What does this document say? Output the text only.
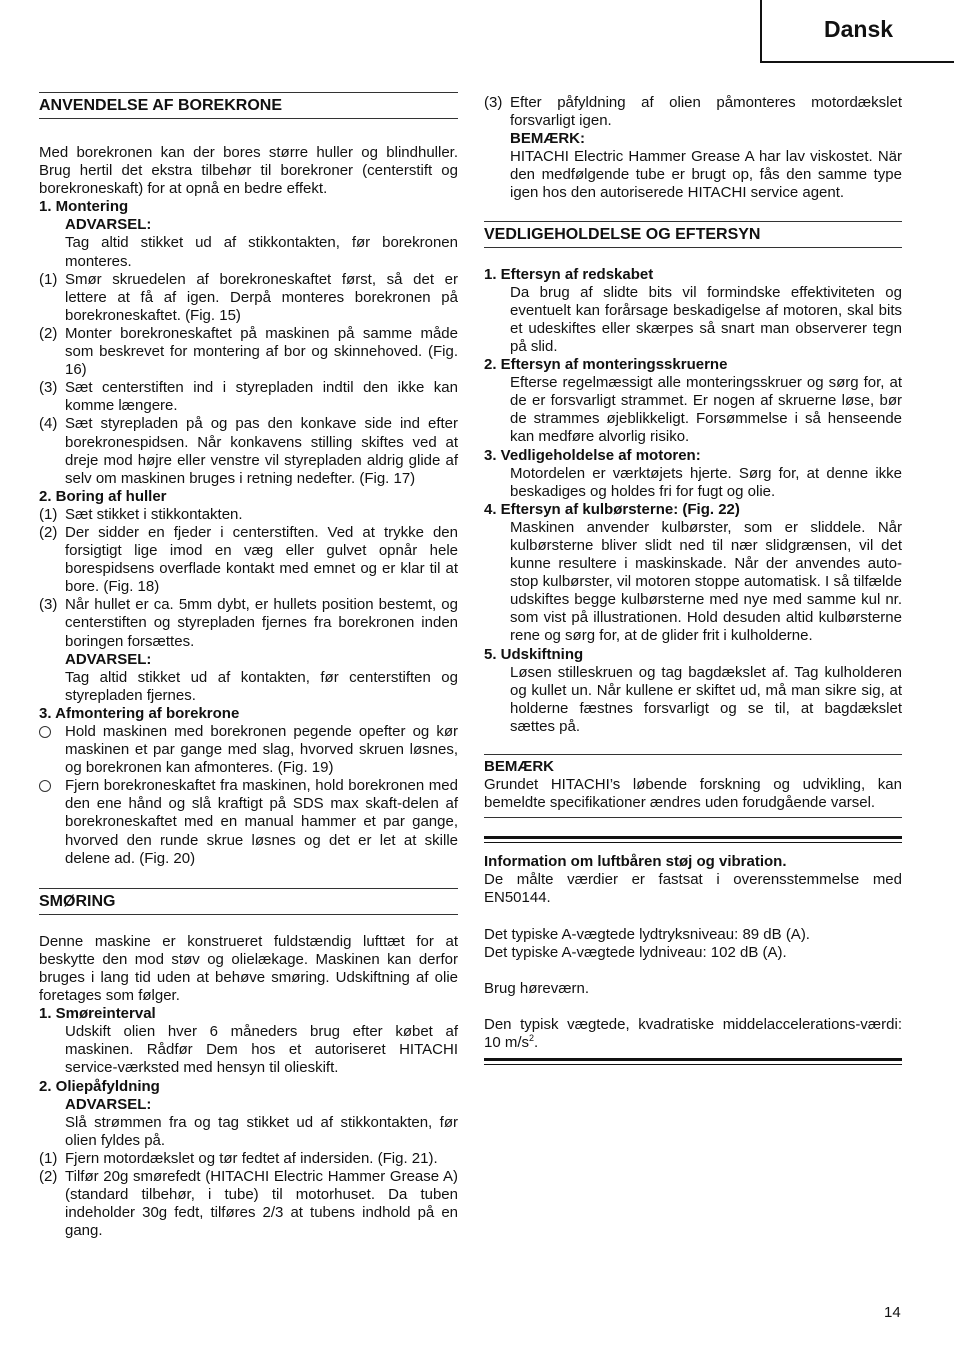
Dansk
ANVENDELSE AF BOREKRONE

Med borekronen kan der bores større huller og blindhuller. Brug hertil det ekstra tilbehør til borekroner (centerstift og borekroneskaft) for at opnå en bedre effekt.

1. Montering
ADVARSEL:
Tag altid stikket ud af stikkontakten, før borekronen monteres.
(1) Smør skruedelen af borekroneskaftet først, så det er lettere at få af igen. Derpå monteres borekronen på borekroneskaftet. (Fig. 15)
(2) Monter borekroneskaftet på maskinen på samme måde som beskrevet for montering af bor og skinnehoved. (Fig. 16)
(3) Sæt centerstiften ind i styrepladen indtil den ikke kan komme længere.
(4) Sæt styrepladen på og pas den konkave side ind efter borekronespidsen. Når konkavens stilling skiftes ved at dreje mod højre eller venstre vil styrepladen aldrig glide af selv om maskinen bruges i retning nedefter. (Fig. 17)
2. Boring af huller
(1) Sæt stikket i stikkontakten.
(2) Der sidder en fjeder i centerstiften. Ved at trykke den forsigtigt lige imod en væg eller gulvet opnår hele borespidsens overflade kontakt med emnet og er klar til at bore. (Fig. 18)
(3) Når hullet er ca. 5mm dybt, er hullets position bestemt, og centerstiften og styrepladen fjernes fra borekronen inden boringen forsættes.
ADVARSEL:
Tag altid stikket ud af kontakten, før centerstiften og styrepladen fjernes.
3. Afmontering af borekrone
Hold maskinen med borekronen pegende opefter og kør maskinen et par gange med slag, hvorved skruen løsnes, og borekronen kan afmonteres. (Fig. 19)
Fjern borekroneskaftet fra maskinen, hold borekronen med den ene hånd og slå kraftigt på SDS max skaft-delen af borekroneskaftet med en manual hammer et par gange, hvorved den runde skrue løsnes og det er let at skille delene ad. (Fig. 20)
SMØRING

Denne maskine er konstrueret fuldstændig lufttæt for at beskytte den mod støv og olielækage. Maskinen kan derfor bruges i lang tid uden at behøve smøring. Udskiftning af olie foretages som følger.

1. Smøreinterval
Udskift olien hver 6 måneders brug efter købet af maskinen. Rådfør Dem hos et autoriseret HITACHI service-værksted med hensyn til olieskift.
2. Oliepåfyldning
ADVARSEL:
Slå strømmen fra og tag stikket ud af stikkontakten, før olien fyldes på.
(1) Fjern motordækslet og tør fedtet af indersiden. (Fig. 21).
(2) Tilfør 20g smørefedt (HITACHI Electric Hammer Grease A) (standard tilbehør, i tube) til motorhuset. Da tuben indeholder 30g fedt, tilføres 2/3 at tubens indhold på en gang.
(3) Efter påfyldning af olien påmonteres motordækslet forsvarligt igen.
BEMÆRK:
HITACHI Electric Hammer Grease A har lav viskostet. När den medfølgende tube er brugt op, fås den samme type igen hos den autoriserede HITACHI service agent.
VEDLIGEHOLDELSE OG EFTERSYN
1. Eftersyn af redskabet
Da brug af slidte bits vil formindske effektiviteten og eventuelt kan forårsage beskadigelse af motoren, skal bits et udeskiftes eller skærpes så snart man observerer tegn på slid.
2. Eftersyn af monteringsskruerne
Efterse regelmæssigt alle monteringsskruer og sørg for, at de er forsvarligt strammet. Er nogen af skruerne løse, bør de strammes øjeblikkeligt. Forsømmelse i så henseende kan medføre alvorlig risiko.
3. Vedligeholdelse af motoren:
Motordelen er værktøjets hjerte. Sørg for, at denne ikke beskadiges og holdes fri for fugt og olie.
4. Eftersyn af kulbørsterne: (Fig. 22)
Maskinen anvender kulbørster, som er sliddele. Når kulbørsterne bliver slidt ned til nær slidgrænsen, vil det kunne resultere i maskinskade. Når der anvendes auto-stop kulbørster, vil motoren stoppe automatisk. I så tilfælde udskiftes begge kulbørsterne med nye med samme kul nr. som vist på illustrationen. Hold desuden altid kulbørsterne rene og sørg for, at de glider frit i kulholderne.
5. Udskiftning
Løsen stilleskruen og tag bagdækslet af. Tag kulholderen og kullet un. Når kullene er skiftet ud, må man sikre sig, at holderne fæstnes forsvarligt og se til, at bagdækslet sættes på.
BEMÆRK

Grundet HITACHI’s løbende forskning og udvikling, kan bemeldte specifikationer ændres uden forudgående varsel.

Information om luftbåren støj og vibration.

De målte værdier er fastsat i overensstemmelse med EN50144.

Det typiske A-vægtede lydtryksniveau: 89 dB (A).

Det typiske A-vægtede lydniveau: 102 dB (A).

Brug høreværn.

Den typisk vægtede, kvadratiske middelaccelerations-værdi: 10 $m/s^2$.

14
